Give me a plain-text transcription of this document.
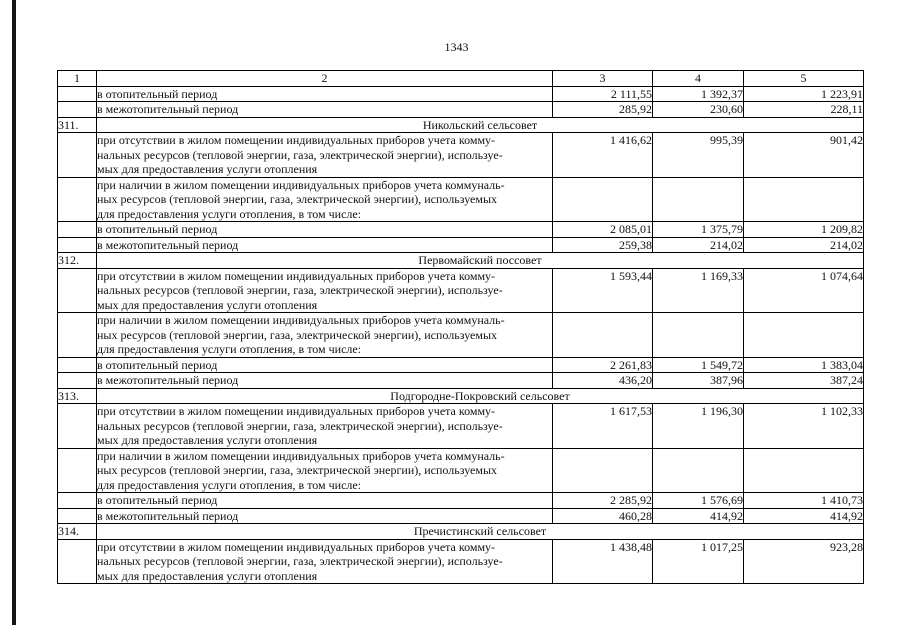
1343
1	2	3	4	5

	в отопительный период	2 111,55	1 392,37	1 223,91

	в межотопительный период	285,92	230,60	228,11
311.	Никольский сельсовет			

	при отсутствии в жилом помещении индивидуальных приборов учета комму-
нальных ресурсов (тепловой энергии, газа, электрической энергии), используе-
мых для предоставления услуги отопления	1 416,62	995,39	901,42

	при наличии в жилом помещении индивидуальных приборов учета коммуналь-
ных ресурсов (тепловой энергии, газа, электрической энергии), используемых
для предоставления услуги отопления, в том числе:			

	в отопительный период	2 085,01	1 375,79	1 209,82

	в межотопительный период	259,38	214,02	214,02
312.	Первомайский поссовет			

	при отсутствии в жилом помещении индивидуальных приборов учета комму-
нальных ресурсов (тепловой энергии, газа, электрической энергии), используе-
мых для предоставления услуги отопления	1 593,44	1 169,33	1 074,64

	при наличии в жилом помещении индивидуальных приборов учета коммуналь-
ных ресурсов (тепловой энергии, газа, электрической энергии), используемых
для предоставления услуги отопления, в том числе:			

	в отопительный период	2 261,83	1 549,72	1 383,04

	в межотопительный период	436,20	387,96	387,24
313.	Подгородне-Покровский сельсовет			

	при отсутствии в жилом помещении индивидуальных приборов учета комму-
нальных ресурсов (тепловой энергии, газа, электрической энергии), используе-
мых для предоставления услуги отопления	1 617,53	1 196,30	1 102,33

	при наличии в жилом помещении индивидуальных приборов учета коммуналь-
ных ресурсов (тепловой энергии, газа, электрической энергии), используемых
для предоставления услуги отопления, в том числе:			

	в отопительный период	2 285,92	1 576,69	1 410,73

	в межотопительный период	460,28	414,92	414,92
314.	Пречистинский сельсовет			

	при отсутствии в жилом помещении индивидуальных приборов учета комму-
нальных ресурсов (тепловой энергии, газа, электрической энергии), используе-
мых для предоставления услуги отопления	1 438,48	1 017,25	923,28
